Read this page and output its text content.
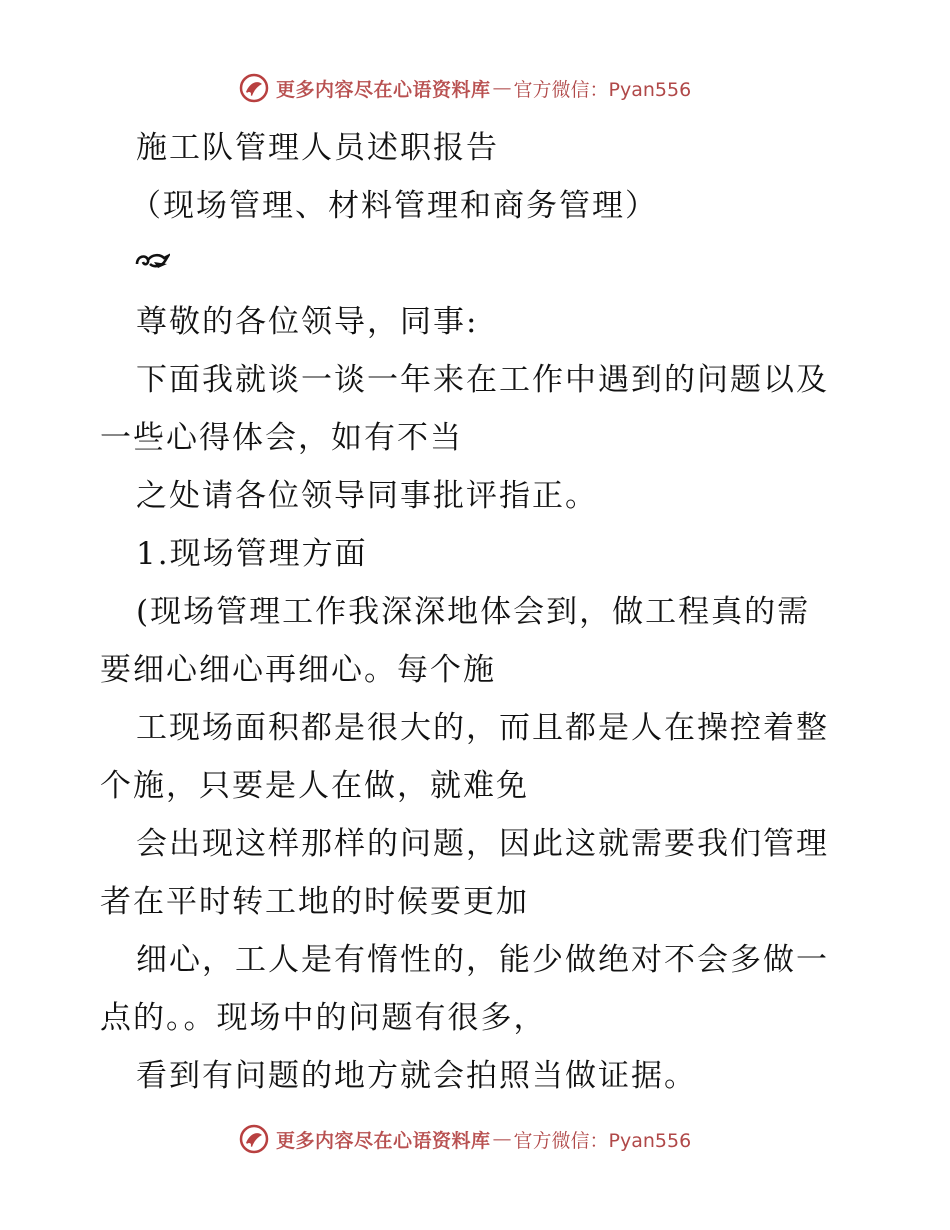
更多内容尽在心语资料库 — 官方微信：Pyan556
施工队管理人员述职报告
（现场管理、材料管理和商务管理）
尊敬的各位领导，同事:
下面我就谈一谈一年来在工作中遇到的问题以及
一些心得体会，如有不当
之处请各位领导同事批评指正。
1.现场管理方面
(现场管理工作我深深地体会到，做工程真的需
要细心细心再细心。每个施
工现场面积都是很大的，而且都是人在操控着整
个施，只要是人在做，就难免
会出现这样那样的问题，因此这就需要我们管理
者在平时转工地的时候要更加
细心，工人是有惰性的，能少做绝对不会多做一
点的。。现场中的问题有很多，
看到有问题的地方就会拍照当做证据。
更多内容尽在心语资料库 — 官方微信：Pyan556
